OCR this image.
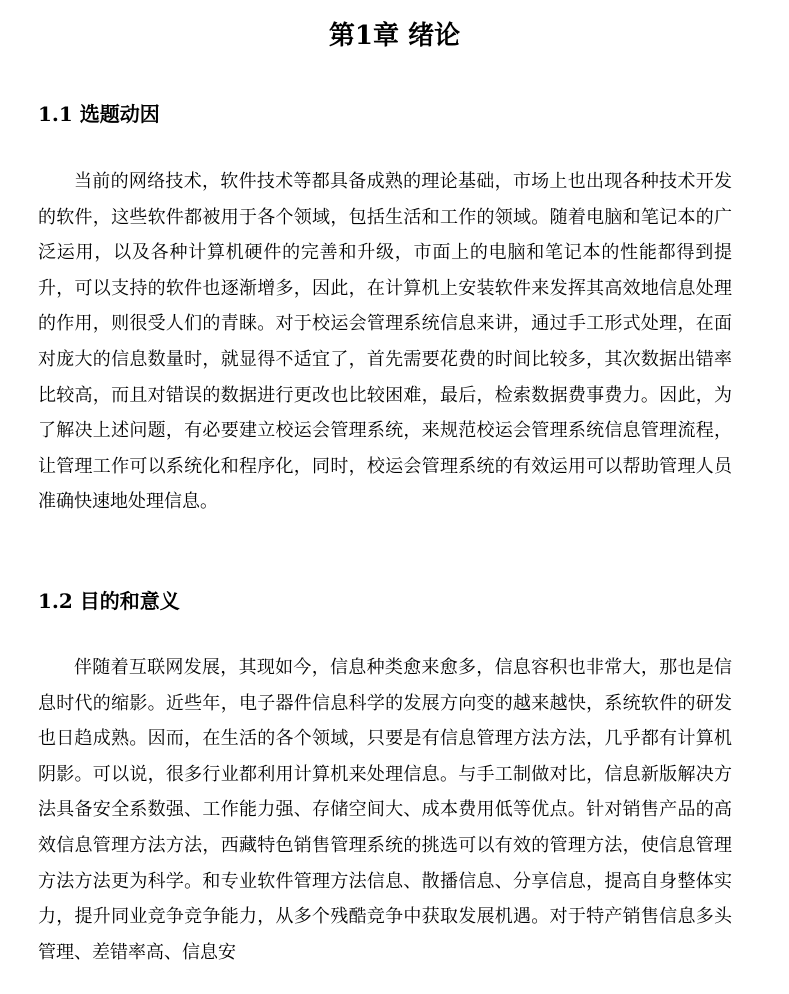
第1章 绪论
1.1 选题动因

当前的网络技术，软件技术等都具备成熟的理论基础，市场上也出现各种技术开发的软件，这些软件都被用于各个领域，包括生活和工作的领域。随着电脑和笔记本的广泛运用，以及各种计算机硬件的完善和升级，市面上的电脑和笔记本的性能都得到提升，可以支持的软件也逐渐增多，因此，在计算机上安装软件来发挥其高效地信息处理的作用，则很受人们的青睐。对于校运会管理系统信息来讲，通过手工形式处理，在面对庞大的信息数量时，就显得不适宜了，首先需要花费的时间比较多，其次数据出错率比较高，而且对错误的数据进行更改也比较困难，最后，检索数据费事费力。因此，为了解决上述问题，有必要建立校运会管理系统，来规范校运会管理系统信息管理流程，让管理工作可以系统化和程序化，同时，校运会管理系统的有效运用可以帮助管理人员准确快速地处理信息。

1.2 目的和意义

伴随着互联网发展，其现如今，信息种类愈来愈多，信息容积也非常大，那也是信息时代的缩影。近些年，电子器件信息科学的发展方向变的越来越快，系统软件的研发也日趋成熟。因而，在生活的各个领域，只要是有信息管理方法方法，几乎都有计算机阴影。可以说，很多行业都利用计算机来处理信息。与手工制做对比，信息新版解决方法具备安全系数强、工作能力强、存储空间大、成本费用低等优点。针对销售产品的高效信息管理方法方法，西藏特色销售管理系统的挑选可以有效的管理方法，使信息管理方法方法更为科学。和专业软件管理方法信息、散播信息、分享信息，提高自身整体实力，提升同业竞争竞争能力，从多个残酷竞争中获取发展机遇。对于特产销售信息多头管理、差错率高、信息安
